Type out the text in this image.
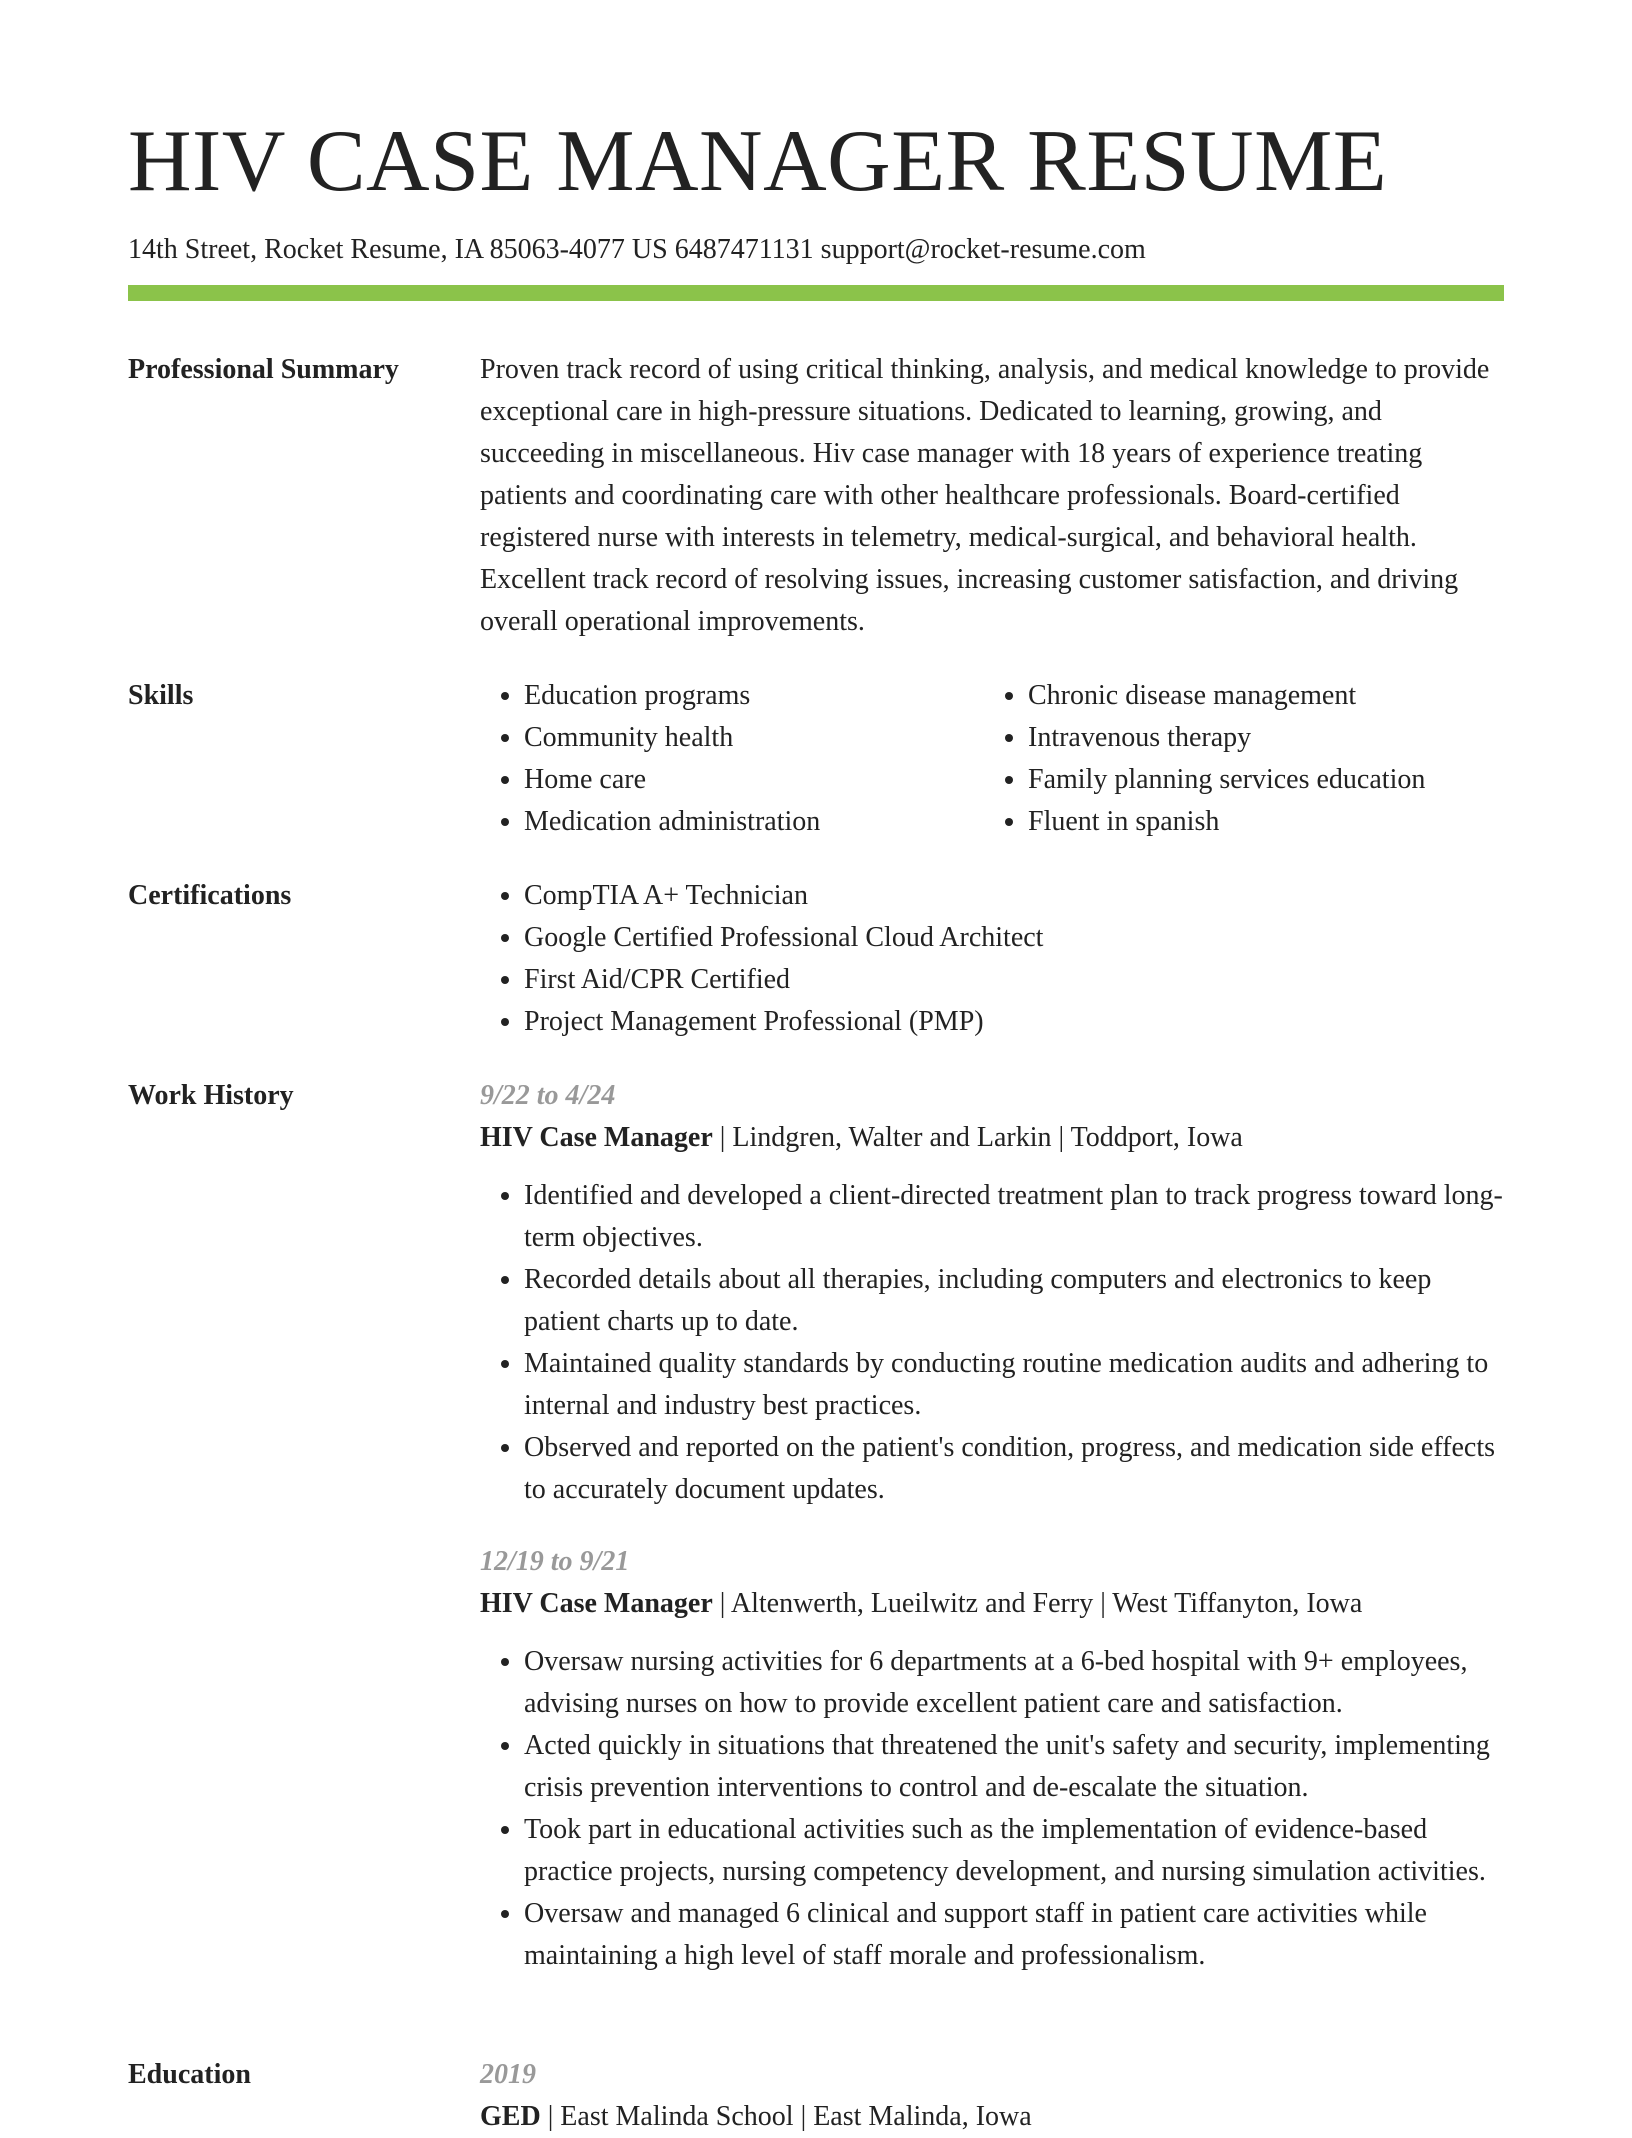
HIV CASE MANAGER RESUME
14th Street, Rocket Resume, IA 85063-4077 US 6487471131 support@rocket-resume.com
Professional Summary	Proven track record of using critical thinking, analysis, and medical knowledge to provide exceptional care in high-pressure situations. Dedicated to learning, growing, and succeeding in miscellaneous. Hiv case manager with 18 years of experience treating patients and coordinating care with other healthcare professionals. Board-certified registered nurse with interests in telemetry, medical-surgical, and behavioral health. Excellent track record of resolving issues, increasing customer satisfaction, and driving overall operational improvements.

Skills	• Education programs
• Community health
• Home care
• Medication administration
• Chronic disease management
• Intravenous therapy
• Family planning services education
• Fluent in spanish
Certifications	• CompTIA A+ Technician
• Google Certified Professional Cloud Architect
• First Aid/CPR Certified
• Project Management Professional (PMP)
Work History	9/22 to 4/24
HIV Case Manager | Lindgren, Walter and Larkin | Toddport, Iowa
• Identified and developed a client-directed treatment plan to track progress toward long-term objectives.
• Recorded details about all therapies, including computers and electronics to keep patient charts up to date.
• Maintained quality standards by conducting routine medication audits and adhering to internal and industry best practices.
• Observed and reported on the patient's condition, progress, and medication side effects to accurately document updates.
12/19 to 9/21
HIV Case Manager | Altenwerth, Lueilwitz and Ferry | West Tiffanyton, Iowa
• Oversaw nursing activities for 6 departments at a 6-bed hospital with 9+ employees, advising nurses on how to provide excellent patient care and satisfaction.
• Acted quickly in situations that threatened the unit's safety and security, implementing crisis prevention interventions to control and de-escalate the situation.
• Took part in educational activities such as the implementation of evidence-based practice projects, nursing competency development, and nursing simulation activities.
• Oversaw and managed 6 clinical and support staff in patient care activities while maintaining a high level of staff morale and professionalism.
Education	2019
GED | East Malinda School | East Malinda, Iowa
